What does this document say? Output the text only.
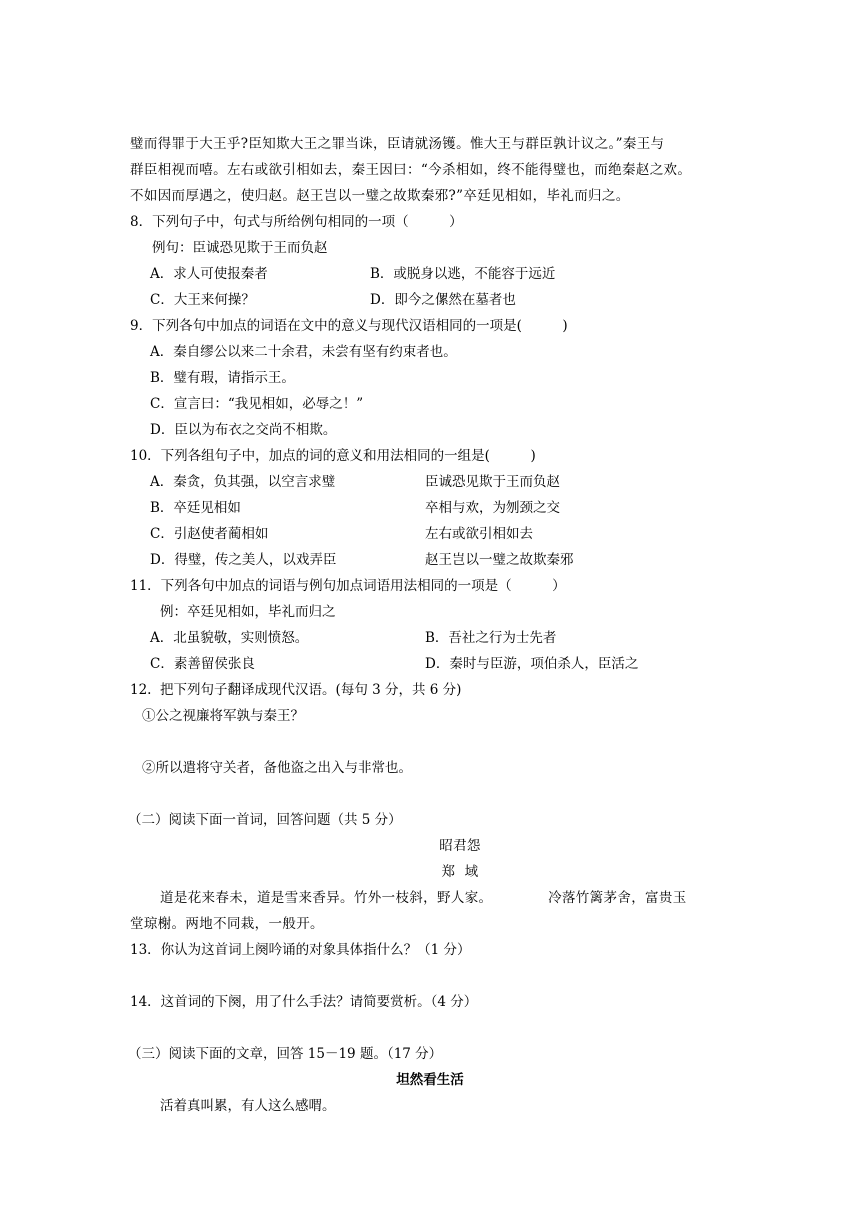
璧而得罪于大王乎?臣知欺大王之罪当诛，臣请就汤镬。惟大王与群臣孰计议之。”秦王与
群臣相视而嘻。左右或欲引相如去，秦王因曰：“今杀相如，终不能得璧也，而绝秦赵之欢。
不如因而厚遇之，使归赵。赵王岂以一璧之故欺秦邪?”卒廷见相如，毕礼而归之。
8．下列句子中，句式与所给例句相同的一项（　　　）
例句：臣诚恐见欺于王而负赵
A．求人可使报秦者	B．或脱身以逃，不能容于远近
C．大王来何操？	D．即今之傫然在墓者也
9．下列各句中加点的词语在文中的意义与现代汉语相同的一项是(　　　)
A．秦自缪公以来二十余君，未尝有坚有约束者也。
B．璧有瑕，请指示王。
C．宣言曰：“我见相如，必辱之！”
D．臣以为布衣之交尚不相欺。
10．下列各组句子中，加点的词的意义和用法相同的一组是(　　　)
A．秦贪，负其强，以空言求璧	臣诚恐见欺于王而负赵
B．卒廷见相如	卒相与欢，为刎颈之交
C．引赵使者蔺相如	左右或欲引相如去
D．得璧，传之美人，以戏弄臣	赵王岂以一璧之故欺秦邪
11．下列各句中加点的词语与例句加点词语用法相同的一项是（　　　）
例：卒廷见相如，毕礼而归之
A．北虽貌敬，实则愤怒。	B．吾社之行为士先者
C．素善留侯张良	D．秦时与臣游，项伯杀人，臣活之
12.  把下列句子翻译成现代汉语。(每句 3 分，共 6 分)
①公之视廉将军孰与秦王？
②所以遣将守关者，备他盗之出入与非常也。
（二）阅读下面一首词，回答问题（共 5 分）
昭君怨
郑  域
道是花来春未，道是雪来香异。竹外一枝斜，野人家。            冷落竹篱茅舍，富贵玉
堂琼榭。两地不同栽，一般开。
13．你认为这首词上阕吟诵的对象具体指什么？（1 分）
14．这首词的下阕，用了什么手法？请简要赏析。（4 分）
（三）阅读下面的文章，回答 15－19 题。（17 分）
坦然看生活
活着真叫累，有人这么感喟。
